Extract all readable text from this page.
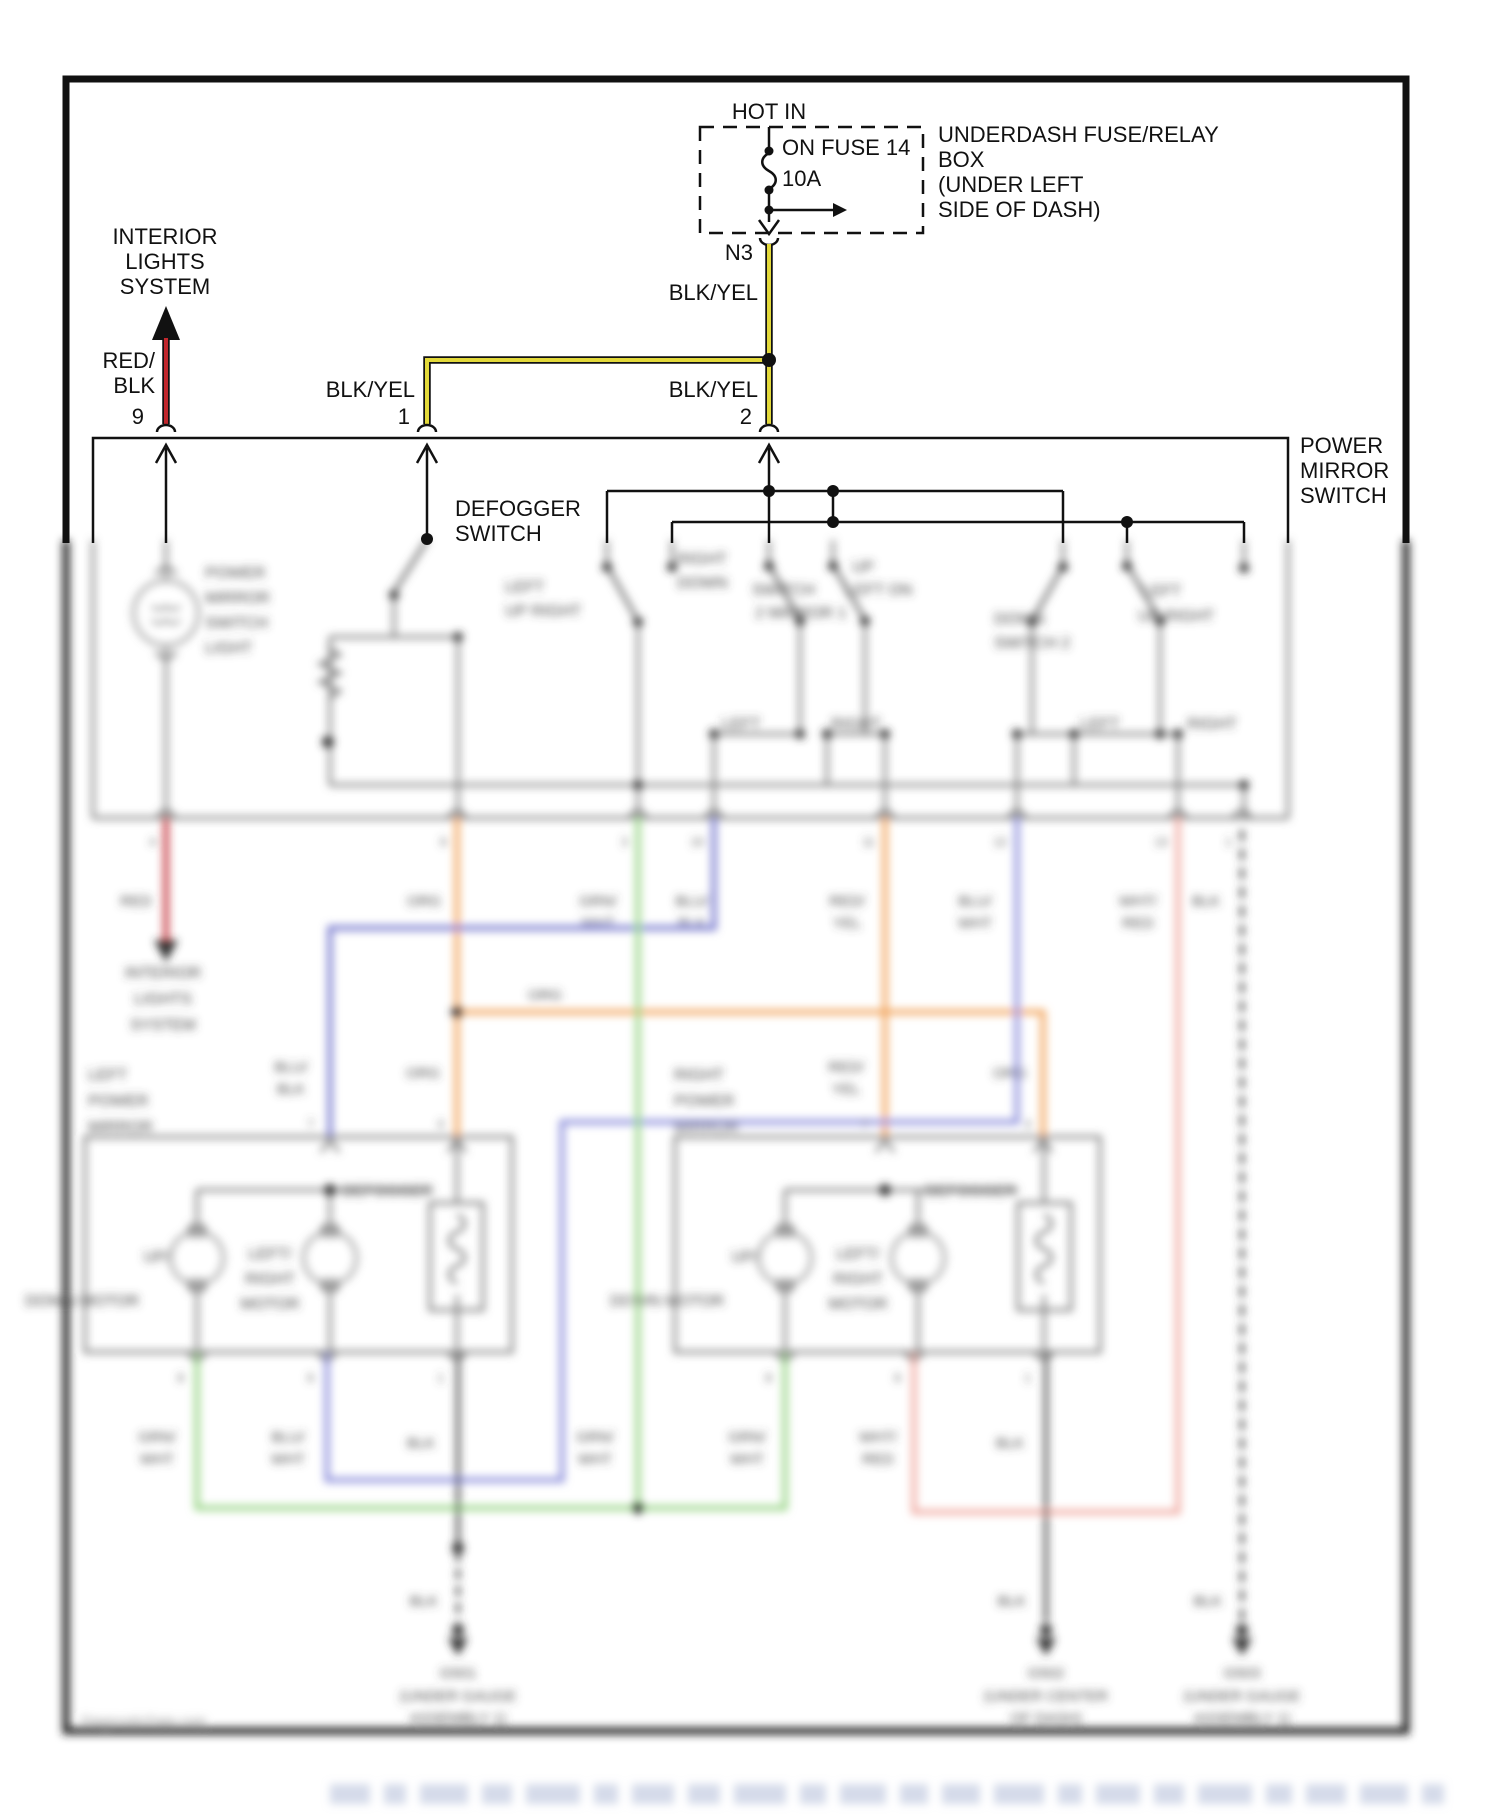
POWER
MIRROR
SWITCH
LIGHT
LEFT
UP RIGHT
RIGHT
DOWN
UP
LEFT ON
SWITCH
2 MIRROR 1	DOWN
SWITCH 2
LEFT
UP RIGHT
LEFT	RIGHT	LEFT	RIGHT
4	6	3	10	11	12	13	1
RED	ORG	GRN/
WHT
BLU/
BLK
RED/
YEL
BLU/
WHT
WHT/
RED
BLK
INTERIOR
LIGHTS
SYSTEM
ORG
BLU/
BLK
ORG	RED/
YEL
ORG
7	4	7	4
LEFT
POWER
MIRROR
RIGHT
POWER
MIRROR
UP/
DOWN MOTOR
LEFT/
RIGHT
MOTOR
DEFOGGER
UP/
DOWN MOTOR
LEFT/
RIGHT
MOTOR
DEFOGGER
8	6	1	8	6	1
GRN/
WHT
BLU/
WHT
BLK	GRN/
WHT
GRN/
WHT
WHT/
RED
BLK
BLK
G501
(UNDER GAUGE
ASSEMBLY 1)
BLK
G502
(UNDER CENTER
OF DASH)
BLK
G503
(UNDER GAUGE
ASSEMBLY 1)
DiagnosticData.com
HOT IN
UNDERDASH FUSE/RELAY
BOX
(UNDER LEFT
SIDE OF DASH)
N3
ON FUSE 14
10A
BLK/YEL
BLK/YEL
1
BLK/YEL
2
INTERIOR
LIGHTS
SYSTEM
RED/
BLK
9
DEFOGGER
SWITCH
POWER
MIRROR
SWITCH
